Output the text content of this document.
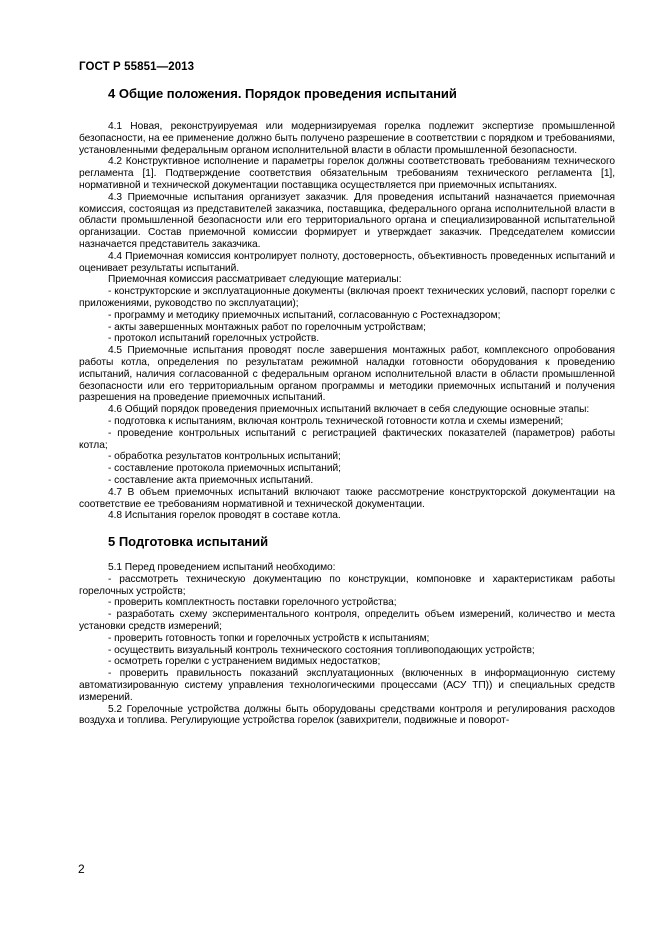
ГОСТ Р 55851—2013
4 Общие положения. Порядок проведения испытаний

4.1 Новая, реконструируемая или модернизируемая горелка подлежит экспертизе промышленной безопасности, на ее применение должно быть получено разрешение в соответствии с порядком и требованиями, установленными федеральным органом исполнительной власти в области промышленной безопасности.

4.2 Конструктивное исполнение и параметры горелок должны соответствовать требованиям технического регламента [1]. Подтверждение соответствия обязательным требованиям технического регламента [1], нормативной и технической документации поставщика осуществляется при приемочных испытаниях.

4.3 Приемочные испытания организует заказчик. Для проведения испытаний назначается приемочная комиссия, состоящая из представителей заказчика, поставщика, федерального органа исполнительной власти в области промышленной безопасности или его территориального органа и специализированной испытательной организации. Состав приемочной комиссии формирует и утверждает заказчик. Председателем комиссии назначается представитель заказчика.

4.4 Приемочная комиссия контролирует полноту, достоверность, объективность проведенных испытаний и оценивает результаты испытаний.

Приемочная комиссия рассматривает следующие материалы:

- конструкторские и эксплуатационные документы (включая проект технических условий, паспорт горелки с приложениями, руководство по эксплуатации);

- программу и методику приемочных испытаний, согласованную с Ростехнадзором;

- акты завершенных монтажных работ по горелочным устройствам;

- протокол испытаний горелочных устройств.

4.5 Приемочные испытания проводят после завершения монтажных работ, комплексного опробования работы котла, определения по результатам режимной наладки готовности оборудования к проведению испытаний, наличия согласованной с федеральным органом исполнительной власти в области промышленной безопасности или его территориальным органом программы и методики приемочных испытаний и получения разрешения на проведение приемочных испытаний.

4.6 Общий порядок проведения приемочных испытаний включает в себя следующие основные этапы:

- подготовка к испытаниям, включая контроль технической готовности котла и схемы измерений;

- проведение контрольных испытаний с регистрацией фактических показателей (параметров) работы котла;

- обработка результатов контрольных испытаний;

- составление протокола приемочных испытаний;

- составление акта приемочных испытаний.

4.7 В объем приемочных испытаний включают также рассмотрение конструкторской документации на соответствие ее требованиям нормативной и технической документации.

4.8 Испытания горелок проводят в составе котла.

5 Подготовка испытаний

5.1 Перед проведением испытаний необходимо:

- рассмотреть техническую документацию по конструкции, компоновке и характеристикам работы горелочных устройств;

- проверить комплектность поставки горелочного устройства;

- разработать схему экспериментального контроля, определить объем измерений, количество и места установки средств измерений;

- проверить готовность топки и горелочных устройств к испытаниям;

- осуществить визуальный контроль технического состояния топливоподающих устройств;

- осмотреть горелки с устранением видимых недостатков;

- проверить правильность показаний эксплуатационных (включенных в информационную систему автоматизированную систему управления технологическими процессами (АСУ ТП)) и специальных средств измерений.

5.2 Горелочные устройства должны быть оборудованы средствами контроля и регулирования расходов воздуха и топлива. Регулирующие устройства горелок (завихрители, подвижные и поворот-

2
